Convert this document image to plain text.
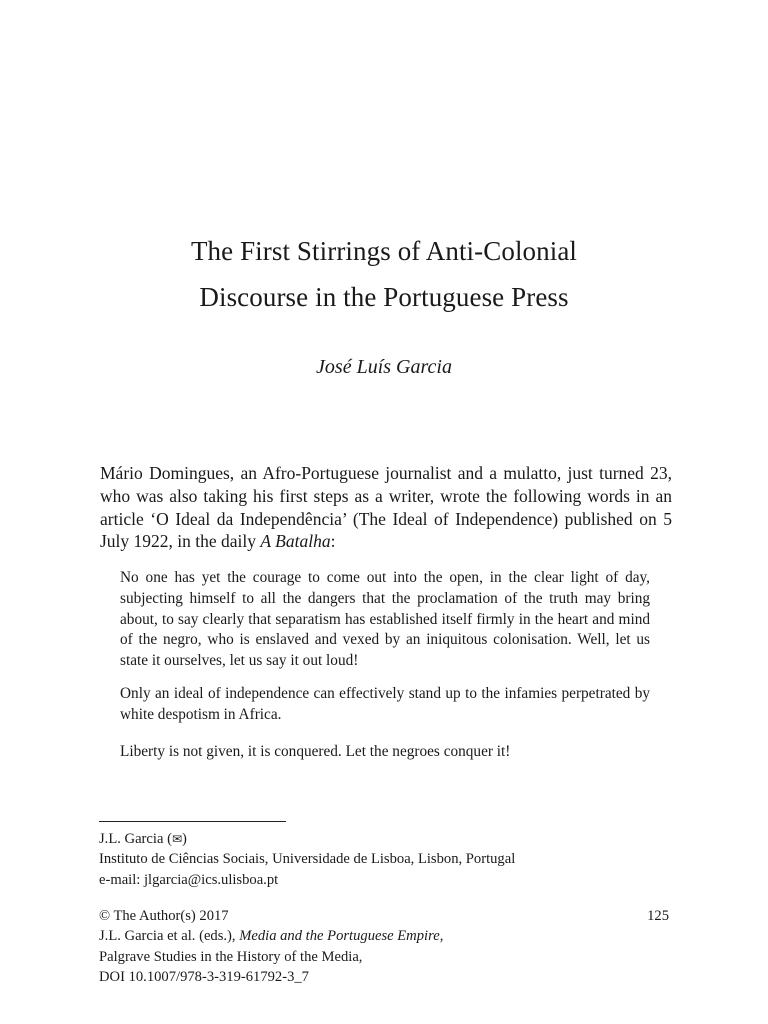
The First Stirrings of Anti-Colonial
Discourse in the Portuguese Press
José Luís Garcia
Mário Domingues, an Afro-Portuguese journalist and a mulatto, just turned 23, who was also taking his first steps as a writer, wrote the following words in an article ‘O Ideal da Independência’ (The Ideal of Independence) published on 5 July 1922, in the daily A Batalha:
No one has yet the courage to come out into the open, in the clear light of day, subjecting himself to all the dangers that the proclamation of the truth may bring about, to say clearly that separatism has established itself firmly in the heart and mind of the negro, who is enslaved and vexed by an iniquitous colonisation. Well, let us state it ourselves, let us say it out loud!
Only an ideal of independence can effectively stand up to the infamies perpetrated by white despotism in Africa.
Liberty is not given, it is conquered. Let the negroes conquer it!
J.L. Garcia (✉)
Instituto de Ciências Sociais, Universidade de Lisboa, Lisbon, Portugal
e-mail: jlgarcia@ics.ulisboa.pt
© The Author(s) 2017
J.L. Garcia et al. (eds.), Media and the Portuguese Empire,
Palgrave Studies in the History of the Media,
DOI 10.1007/978-3-319-61792-3_7
125
